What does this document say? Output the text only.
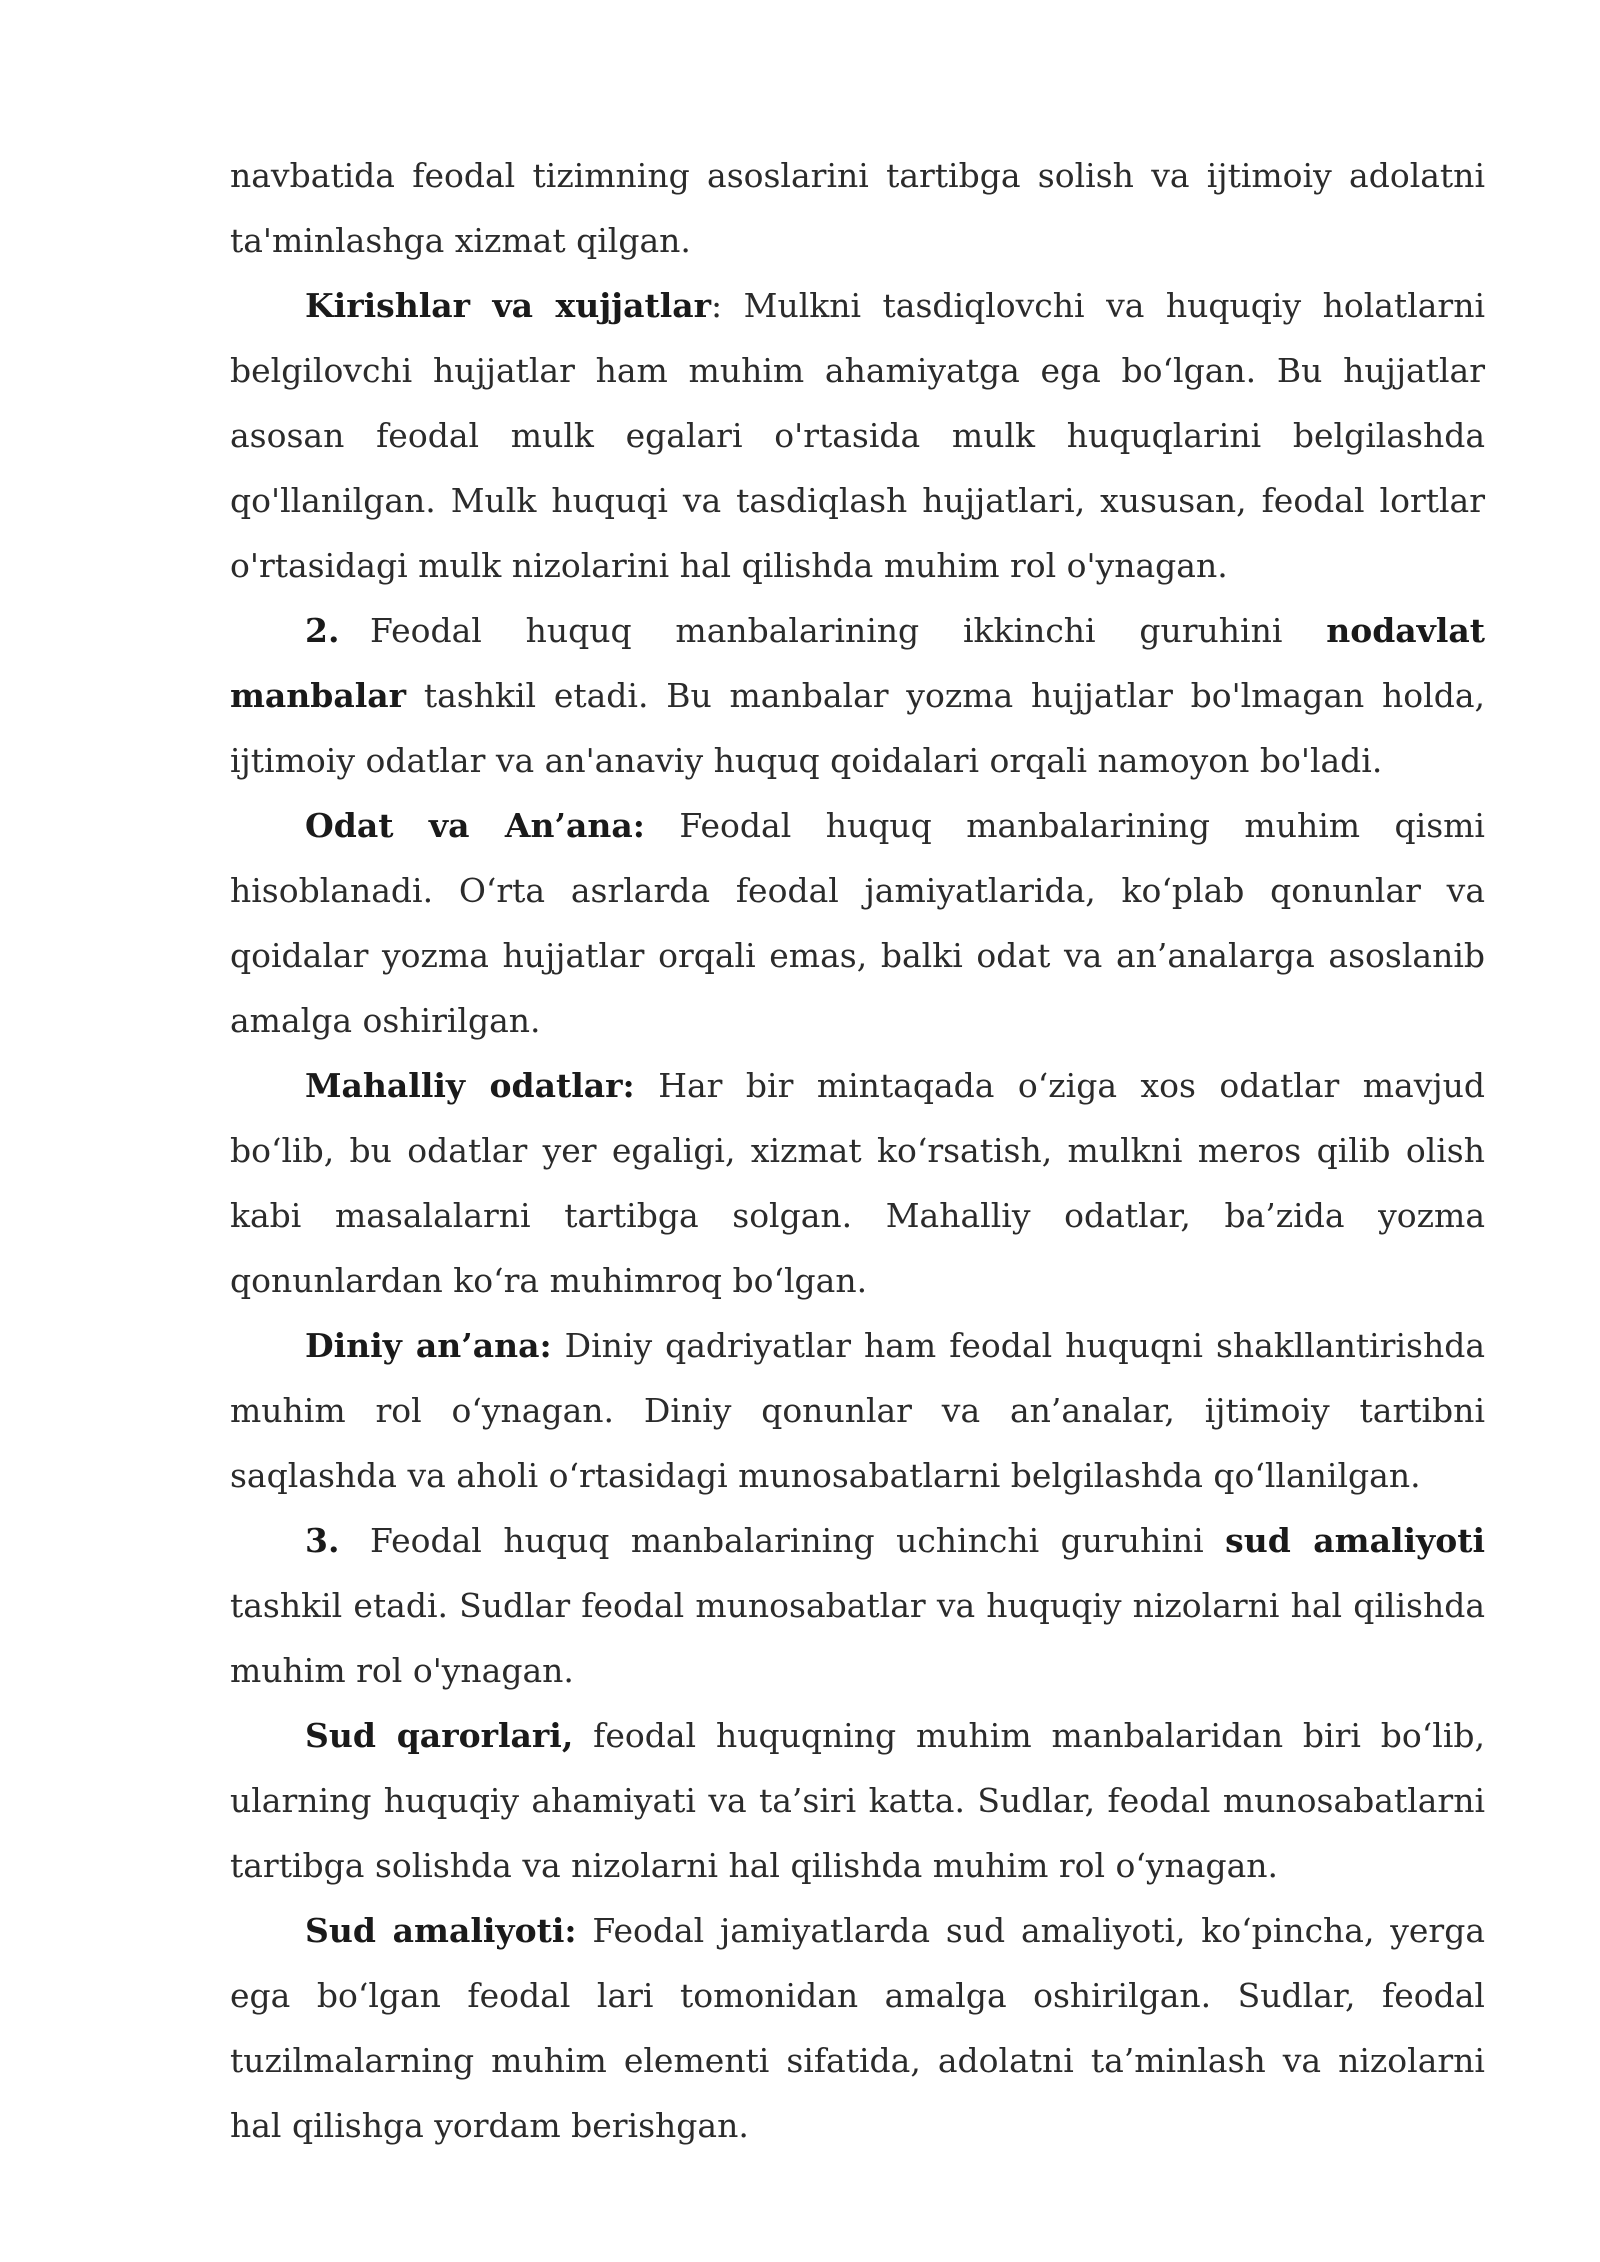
navbatida feodal tizimning asoslarini tartibga solish va ijtimoiy adolatni ta'minlashga xizmat qilgan.

Kirishlar va xujjatlar: Mulkni tasdiqlovchi va huquqiy holatlarni belgilovchi hujjatlar ham muhim ahamiyatga ega bo‘lgan. Bu hujjatlar asosan feodal mulk egalari o'rtasida mulk huquqlarini belgilashda qo'llanilgan. Mulk huquqi va tasdiqlash hujjatlari, xususan, feodal lortlar o'rtasidagi mulk nizolarini hal qilishda muhim rol o'ynagan.

2. Feodal huquq manbalarining ikkinchi guruhini nodavlat manbalar tashkil etadi. Bu manbalar yozma hujjatlar bo'lmagan holda, ijtimoiy odatlar va an'anaviy huquq qoidalari orqali namoyon bo'ladi.

Odat va An’ana: Feodal huquq manbalarining muhim qismi hisoblanadi. O‘rta asrlarda feodal jamiyatlarida, ko‘plab qonunlar va qoidalar yozma hujjatlar orqali emas, balki odat va an’analarga asoslanib amalga oshirilgan.

Mahalliy odatlar: Har bir mintaqada o‘ziga xos odatlar mavjud bo‘lib, bu odatlar yer egaligi, xizmat ko‘rsatish, mulkni meros qilib olish kabi masalalarni tartibga solgan. Mahalliy odatlar, ba’zida yozma qonunlardan ko‘ra muhimroq bo‘lgan.

Diniy an’ana: Diniy qadriyatlar ham feodal huquqni shakllantirishda muhim rol o‘ynagan. Diniy qonunlar va an’analar, ijtimoiy tartibni saqlashda va aholi o‘rtasidagi munosabatlarni belgilashda qo‘llanilgan.

3. Feodal huquq manbalarining uchinchi guruhini sud amaliyoti tashkil etadi. Sudlar feodal munosabatlar va huquqiy nizolarni hal qilishda muhim rol o'ynagan.

Sud qarorlari, feodal huquqning muhim manbalaridan biri bo‘lib, ularning huquqiy ahamiyati va ta’siri katta. Sudlar, feodal munosabatlarni tartibga solishda va nizolarni hal qilishda muhim rol o‘ynagan.

Sud amaliyoti: Feodal jamiyatlarda sud amaliyoti, ko‘pincha, yerga ega bo‘lgan feodal lari tomonidan amalga oshirilgan. Sudlar, feodal tuzilmalarning muhim elementi sifatida, adolatni ta’minlash va nizolarni hal qilishga yordam berishgan.
